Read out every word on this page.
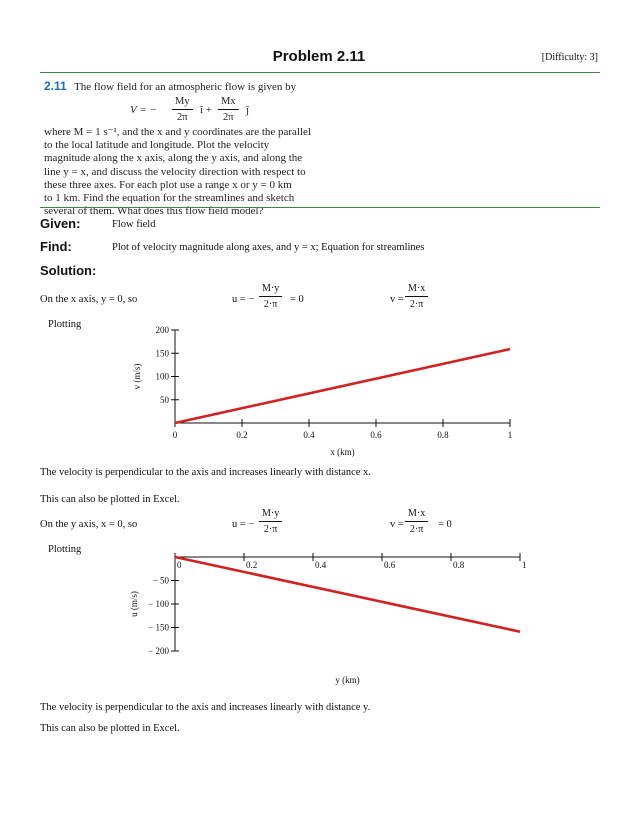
Problem 2.11	[Difficulty: 3]
2.11 The flow field for an atmospheric flow is given by
V = − $\frac{My}{2\pi}$ î + $\frac{Mx}{2\pi}$ ĵ
where M = 1 s⁻¹, and the x and y coordinates are the parallel
to the local latitude and longitude. Plot the velocity
magnitude along the x axis, along the y axis, and along the
line y = x, and discuss the velocity direction with respect to
these three axes. For each plot use a range x or y = 0 km
to 1 km. Find the equation for the streamlines and sketch
several of them. What does this flow field model?
Given:	Flow field
Find:	Plot of velocity magnitude along axes, and y = x; Equation for streamlines
Solution:
On the x axis, y = 0, so	u = − $\frac{M\cdot y}{2\cdot\pi} = 0$	$v = \frac{M\cdot x}{2\cdot\pi}$
Plotting
0	0.2	0.4	0.6	0.8	1
50
100
150
200
x (km)
v (m/s)
The velocity is perpendicular to the axis and increases linearly with distance x.
This can also be plotted in Excel.
On the y axis, x = 0, so	u = − $\frac{M\cdot y}{2\cdot\pi}$	$v = \frac{M\cdot x}{2\cdot\pi} = 0$
Plotting
0	0.2	0.4	0.6	0.8	1
− 50
− 100
− 150
− 200
y (km)
u (m/s)
The velocity is perpendicular to the axis and increases linearly with distance y.
This can also be plotted in Excel.
